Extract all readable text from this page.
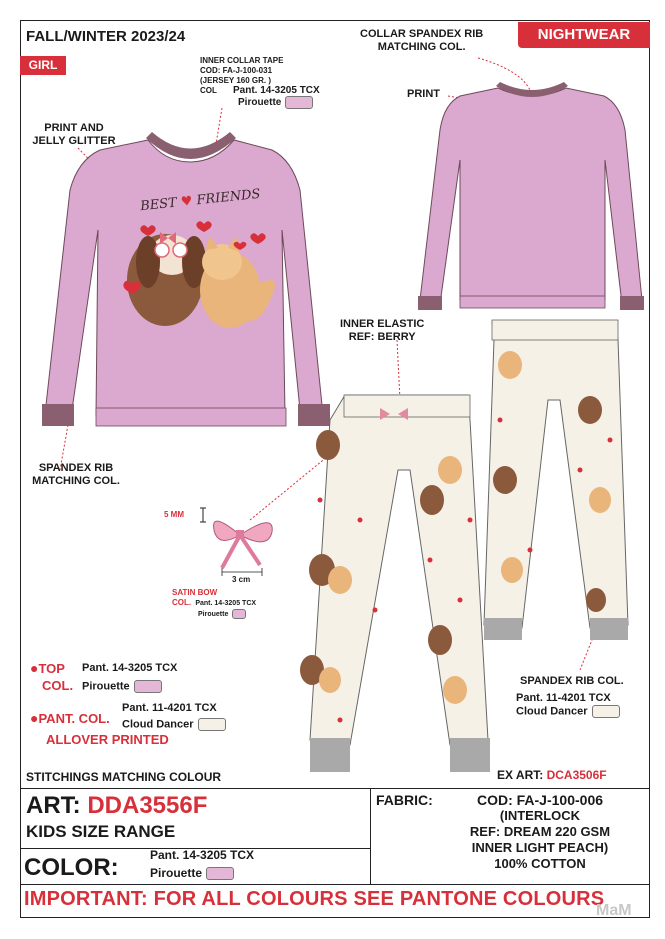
FALL/WINTER 2023/24	NIGHTWEAR
GIRL	INNER COLLAR TAPE
COD: FA-J-100-031
(JERSEY 160 GR. )
COL Pant. 14-3205 TCX
Pirouette
PRINT AND
JELLY GLITTER
COLLAR SPANDEX RIB
MATCHING COL.
PRINT
BEST ♥ FRIENDS
SPANDEX RIB
MATCHING COL.
INNER ELASTIC
REF: BERRY
5 MM
3 cm
SATIN BOW
COL. Pant. 14-3205 TCX
Pirouette
SPANDEX RIB COL.
Pant. 11-4201 TCX
Cloud Dancer
●TOP
COL.
Pant. 14-3205 TCX
Pirouette
●PANT. COL.
Pant. 11-4201 TCX
Cloud Dancer
ALLOVER PRINTED
STITCHINGS MATCHING COLOUR	EX ART: DCA3506F
ART: DDA3556F
KIDS SIZE RANGE
COLOR:	Pant. 14-3205 TCX
Pirouette
FABRIC:	COD: FA-J-100-006
(INTERLOCK
REF: DREAM 220 GSM
INNER LIGHT PEACH)
100% COTTON
IMPORTANT: FOR ALL COLOURS SEE PANTONE COLOURS
MaM
